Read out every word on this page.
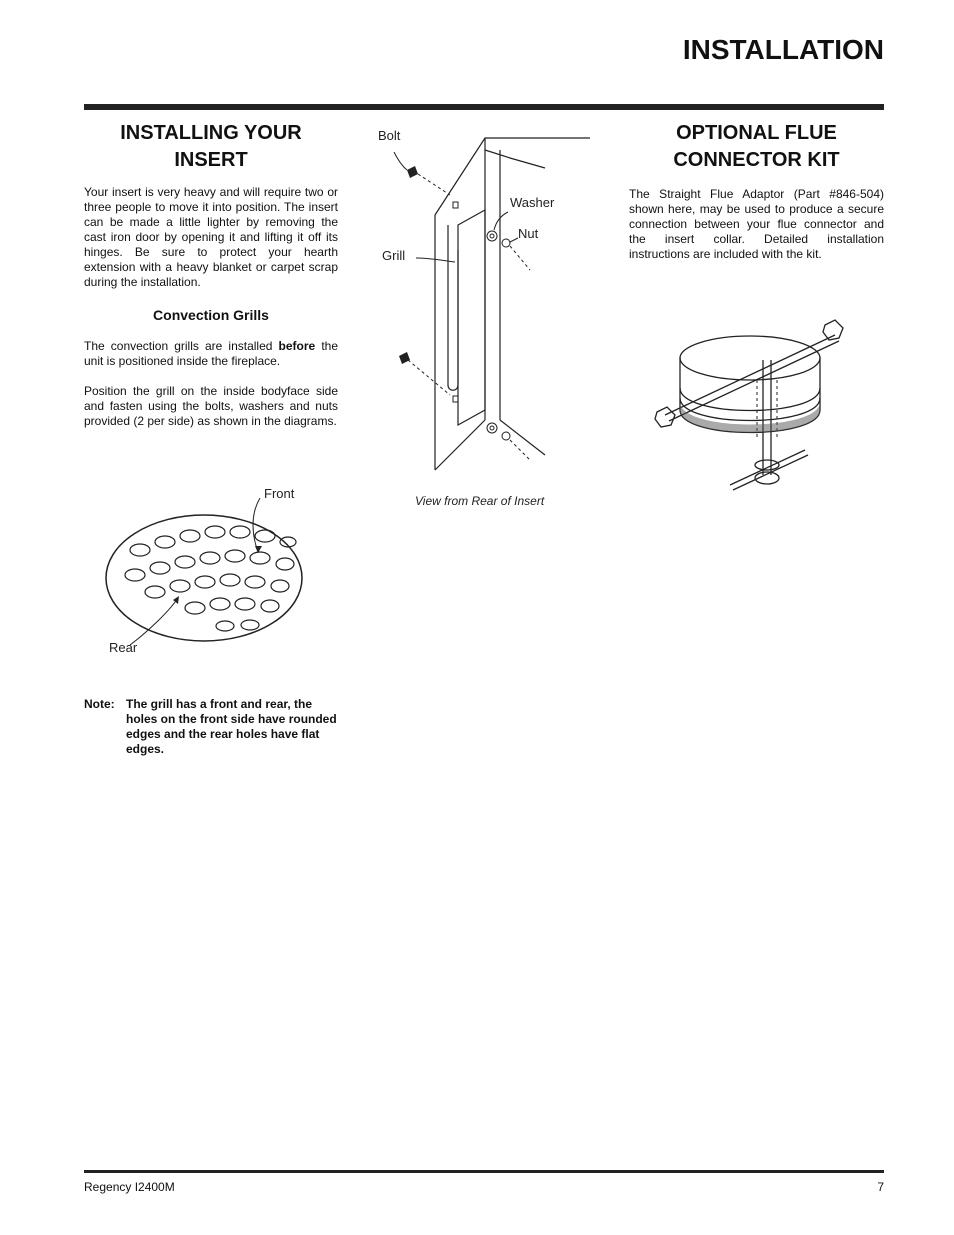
INSTALLATION
INSTALLING YOUR
INSERT

Your insert is very heavy and will require two or three people to move it into position. The insert can be made a little lighter by removing the cast iron door by opening it and lifting it off its hinges. Be sure to protect your hearth extension with a heavy blanket or carpet scrap during the installation.

Convection Grills

The convection grills are installed before the unit is positioned inside the fireplace.

Position the grill on the inside bodyface side and fasten using the bolts, washers and nuts provided (2 per side) as shown in the diagrams.

Front
Rear
Note: The grill has a front and rear, the holes on the front side have rounded edges and the rear holes have flat edges.
Bolt
Washer
Nut
Grill
View from Rear of Insert
OPTIONAL FLUE
CONNECTOR KIT

The Straight Flue Adaptor (Part #846-504) shown here, may be used to produce a secure connection between your flue connector and the insert collar. Detailed installation instructions are included with the kit.

Regency I2400M	7
